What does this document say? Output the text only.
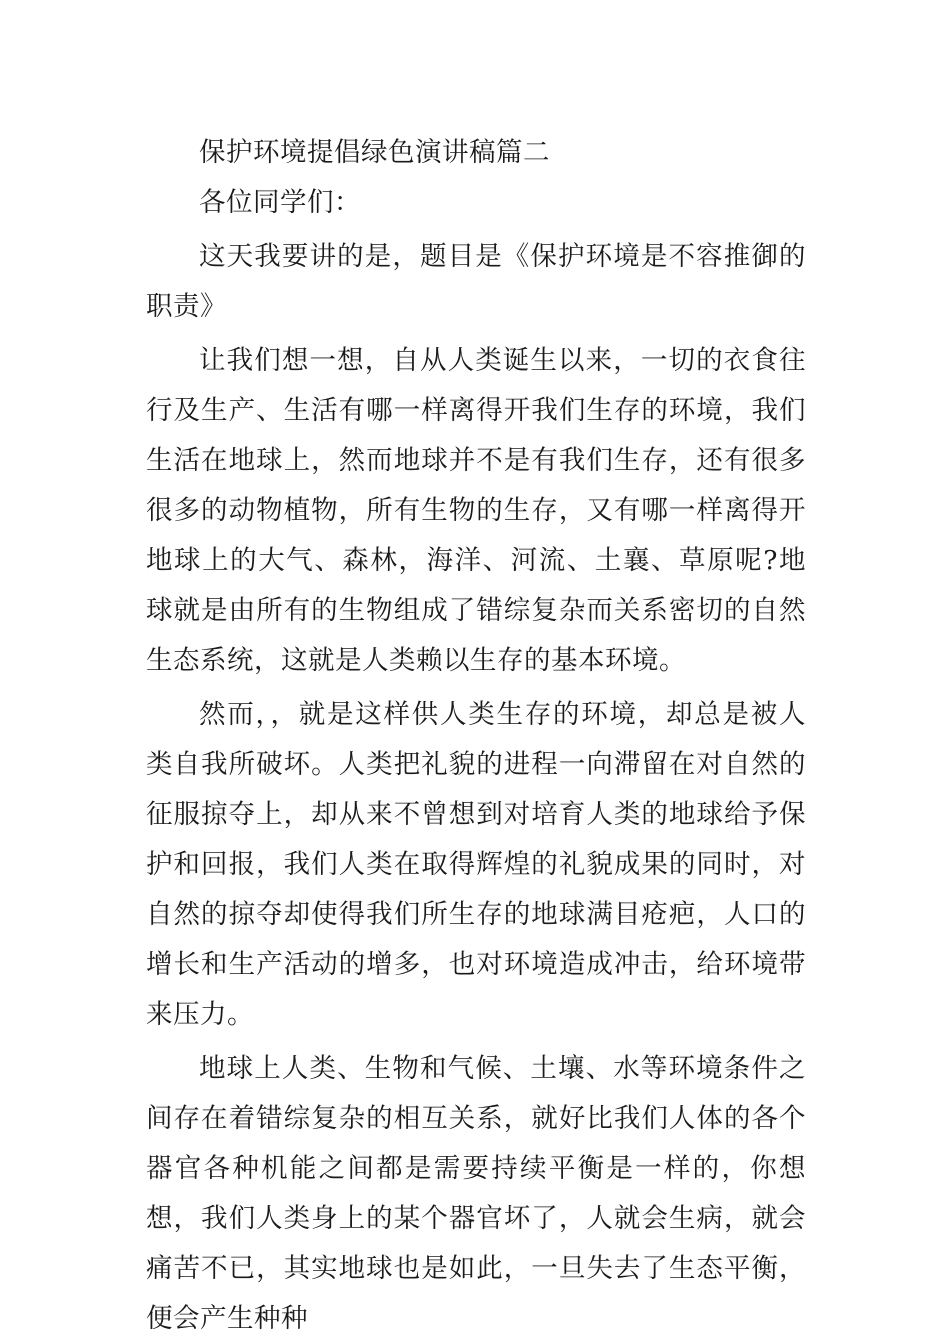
保护环境提倡绿色演讲稿篇二

各位同学们：

这天我要讲的是，题目是《保护环境是不容推御的职责》

让我们想一想，自从人类诞生以来，一切的衣食往行及生产、生活有哪一样离得开我们生存的环境，我们生活在地球上，然而地球并不是有我们生存，还有很多很多的动物植物，所有生物的生存，又有哪一样离得开地球上的大气、森林，海洋、河流、土襄、草原呢?地球就是由所有的生物组成了错综复杂而关系密切的自然生态系统，这就是人类赖以生存的基本环境。

然而，，就是这样供人类生存的环境，却总是被人类自我所破坏。人类把礼貌的进程一向滞留在对自然的征服掠夺上，却从来不曾想到对培育人类的地球给予保护和回报，我们人类在取得辉煌的礼貌成果的同时，对自然的掠夺却使得我们所生存的地球满目疮疤，人口的增长和生产活动的增多，也对环境造成冲击，给环境带来压力。

地球上人类、生物和气候、土壤、水等环境条件之间存在着错综复杂的相互关系，就好比我们人体的各个器官各种机能之间都是需要持续平衡是一样的，你想想，我们人类身上的某个器官坏了，人就会生病，就会痛苦不已，其实地球也是如此，一旦失去了生态平衡，便会产生种种
